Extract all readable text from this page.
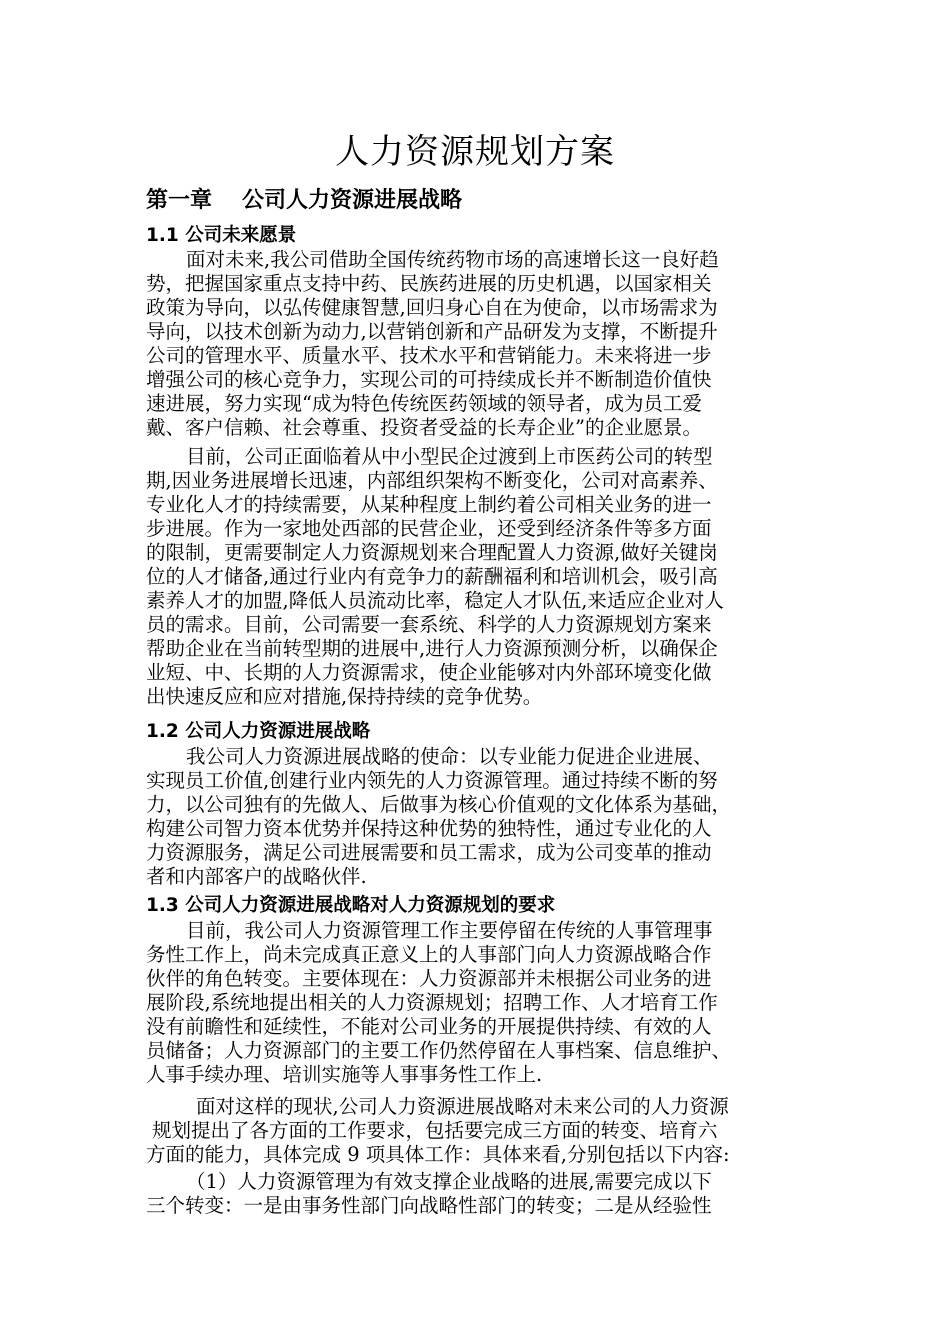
人力资源规划方案
第一章 公司人力资源进展战略
1.1 公司未来愿景
面对未来,我公司借助全国传统药物市场的高速增长这一良好趋
势，把握国家重点支持中药、民族药进展的历史机遇，以国家相关
政策为导向，以弘传健康智慧,回归身心自在为使命，以市场需求为
导向，以技术创新为动力,以营销创新和产品研发为支撑，不断提升
公司的管理水平、质量水平、技术水平和营销能力。未来将进一步
增强公司的核心竞争力，实现公司的可持续成长并不断制造价值快
速进展，努力实现“成为特色传统医药领域的领导者，成为员工爱
戴、客户信赖、社会尊重、投资者受益的长寿企业”的企业愿景。
目前，公司正面临着从中小型民企过渡到上市医药公司的转型
期,因业务进展增长迅速，内部组织架构不断变化，公司对高素养、
专业化人才的持续需要，从某种程度上制约着公司相关业务的进一
步进展。作为一家地处西部的民营企业，还受到经济条件等多方面
的限制，更需要制定人力资源规划来合理配置人力资源,做好关键岗
位的人才储备,通过行业内有竞争力的薪酬福利和培训机会，吸引高
素养人才的加盟,降低人员流动比率，稳定人才队伍,来适应企业对人
员的需求。目前，公司需要一套系统、科学的人力资源规划方案来
帮助企业在当前转型期的进展中,进行人力资源预测分析，以确保企
业短、中、长期的人力资源需求，使企业能够对内外部环境变化做
出快速反应和应对措施,保持持续的竞争优势。
1.2 公司人力资源进展战略
我公司人力资源进展战略的使命：以专业能力促进企业进展、
实现员工价值,创建行业内领先的人力资源管理。通过持续不断的努
力，以公司独有的先做人、后做事为核心价值观的文化体系为基础，
构建公司智力资本优势并保持这种优势的独特性，通过专业化的人
力资源服务，满足公司进展需要和员工需求，成为公司变革的推动
者和内部客户的战略伙伴.
1.3 公司人力资源进展战略对人力资源规划的要求
目前，我公司人力资源管理工作主要停留在传统的人事管理事
务性工作上，尚未完成真正意义上的人事部门向人力资源战略合作
伙伴的角色转变。主要体现在：人力资源部并未根据公司业务的进
展阶段,系统地提出相关的人力资源规划；招聘工作、人才培育工作
没有前瞻性和延续性，不能对公司业务的开展提供持续、有效的人
员储备；人力资源部门的主要工作仍然停留在人事档案、信息维护、
人事手续办理、培训实施等人事事务性工作上.
面对这样的现状,公司人力资源进展战略对未来公司的人力资源
规划提出了各方面的工作要求，包括要完成三方面的转变、培育六
方面的能力，具体完成 9 项具体工作：具体来看,分别包括以下内容:
（1）人力资源管理为有效支撑企业战略的进展,需要完成以下
三个转变：一是由事务性部门向战略性部门的转变；二是从经验性
